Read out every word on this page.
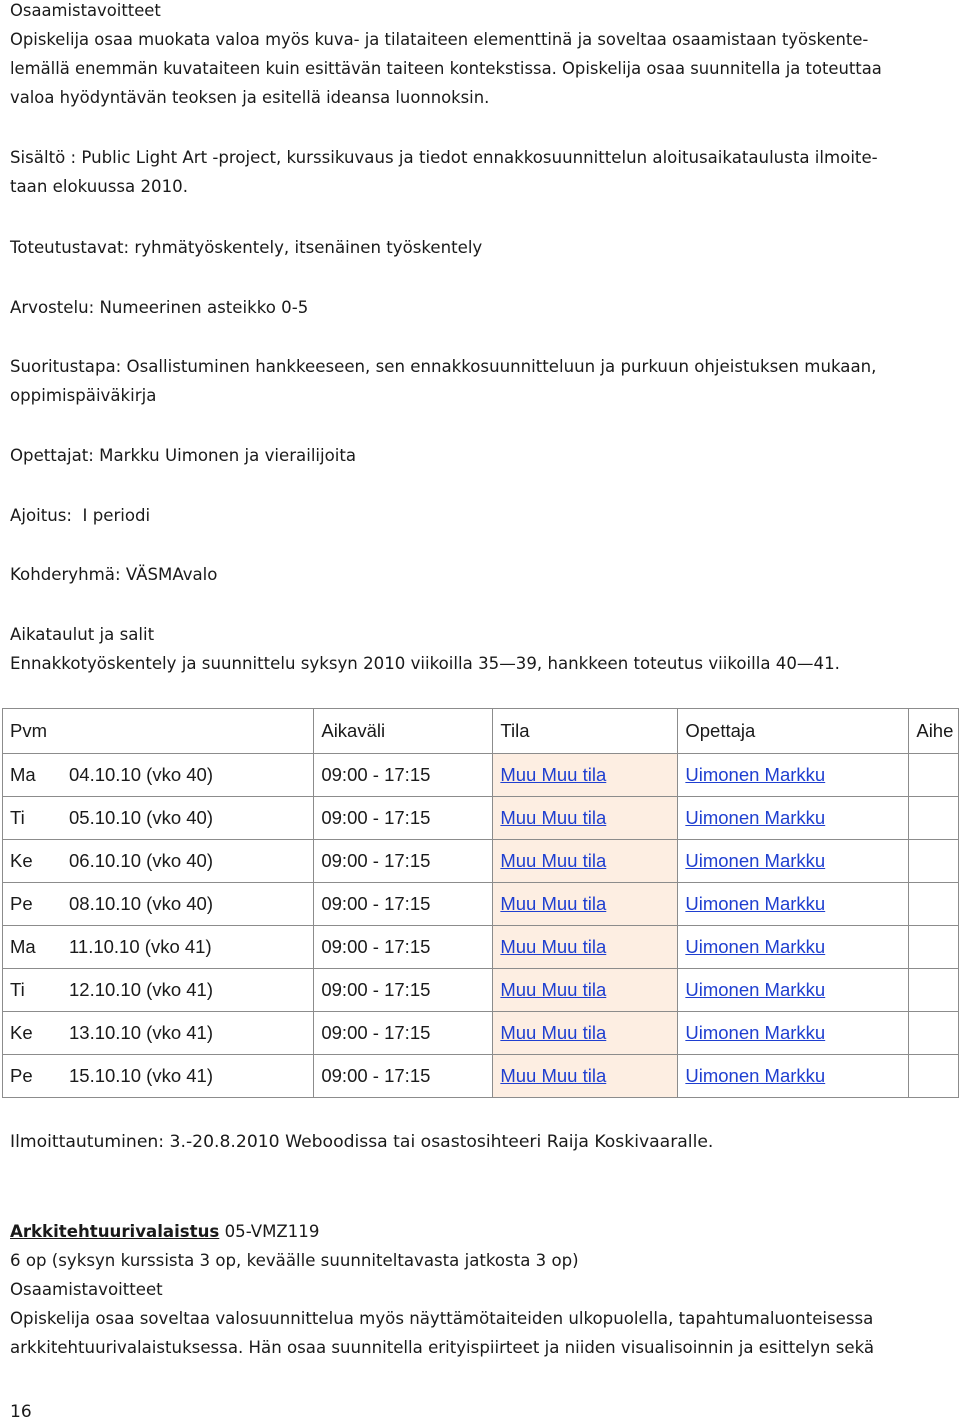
Osaamistavoitteet
Opiskelija osaa muokata valoa myös kuva- ja tilataiteen elementtinä ja soveltaa osaamistaan työskente-
lemällä enemmän kuvataiteen kuin esittävän taiteen kontekstissa. Opiskelija osaa suunnitella ja toteuttaa
valoa hyödyntävän teoksen ja esitellä ideansa luonnoksin.
Sisältö : Public Light Art -project, kurssikuvaus ja tiedot ennakkosuunnittelun aloitusaikataulusta ilmoite-
taan elokuussa 2010.
Toteutustavat: ryhmätyöskentely, itsenäinen työskentely
Arvostelu: Numeerinen asteikko 0-5
Suoritustapa: Osallistuminen hankkeeseen, sen ennakkosuunnitteluun ja purkuun ohjeistuksen mukaan,
oppimispäiväkirja
Opettajat: Markku Uimonen ja vierailijoita
Ajoitus:  I periodi
Kohderyhmä: VÄSMAvalo
Aikataulut ja salit
Ennakkotyöskentely ja suunnittelu syksyn 2010 viikoilla 35—39, hankkeen toteutus viikoilla 40—41.
Pvm		Aikaväli	Tila	Opettaja	Aihe
Ma	04.10.10 (vko 40)	09:00 - 17:15	Muu Muu tila	Uimonen Markku	
Ti	05.10.10 (vko 40)	09:00 - 17:15	Muu Muu tila	Uimonen Markku	
Ke	06.10.10 (vko 40)	09:00 - 17:15	Muu Muu tila	Uimonen Markku	
Pe	08.10.10 (vko 40)	09:00 - 17:15	Muu Muu tila	Uimonen Markku	
Ma	11.10.10 (vko 41)	09:00 - 17:15	Muu Muu tila	Uimonen Markku	
Ti	12.10.10 (vko 41)	09:00 - 17:15	Muu Muu tila	Uimonen Markku	
Ke	13.10.10 (vko 41)	09:00 - 17:15	Muu Muu tila	Uimonen Markku	
Pe	15.10.10 (vko 41)	09:00 - 17:15	Muu Muu tila	Uimonen Markku	
Ilmoittautuminen: 3.-20.8.2010 Weboodissa tai osastosihteeri Raija Koskivaaralle.
Arkkitehtuurivalaistus 05-VMZ119
6 op (syksyn kurssista 3 op, keväälle suunniteltavasta jatkosta 3 op)
Osaamistavoitteet
Opiskelija osaa soveltaa valosuunnittelua myös näyttämötaiteiden ulkopuolella, tapahtumaluonteisessa
arkkitehtuurivalaistuksessa. Hän osaa suunnitella erityispiirteet ja niiden visualisoinnin ja esittelyn sekä
16
